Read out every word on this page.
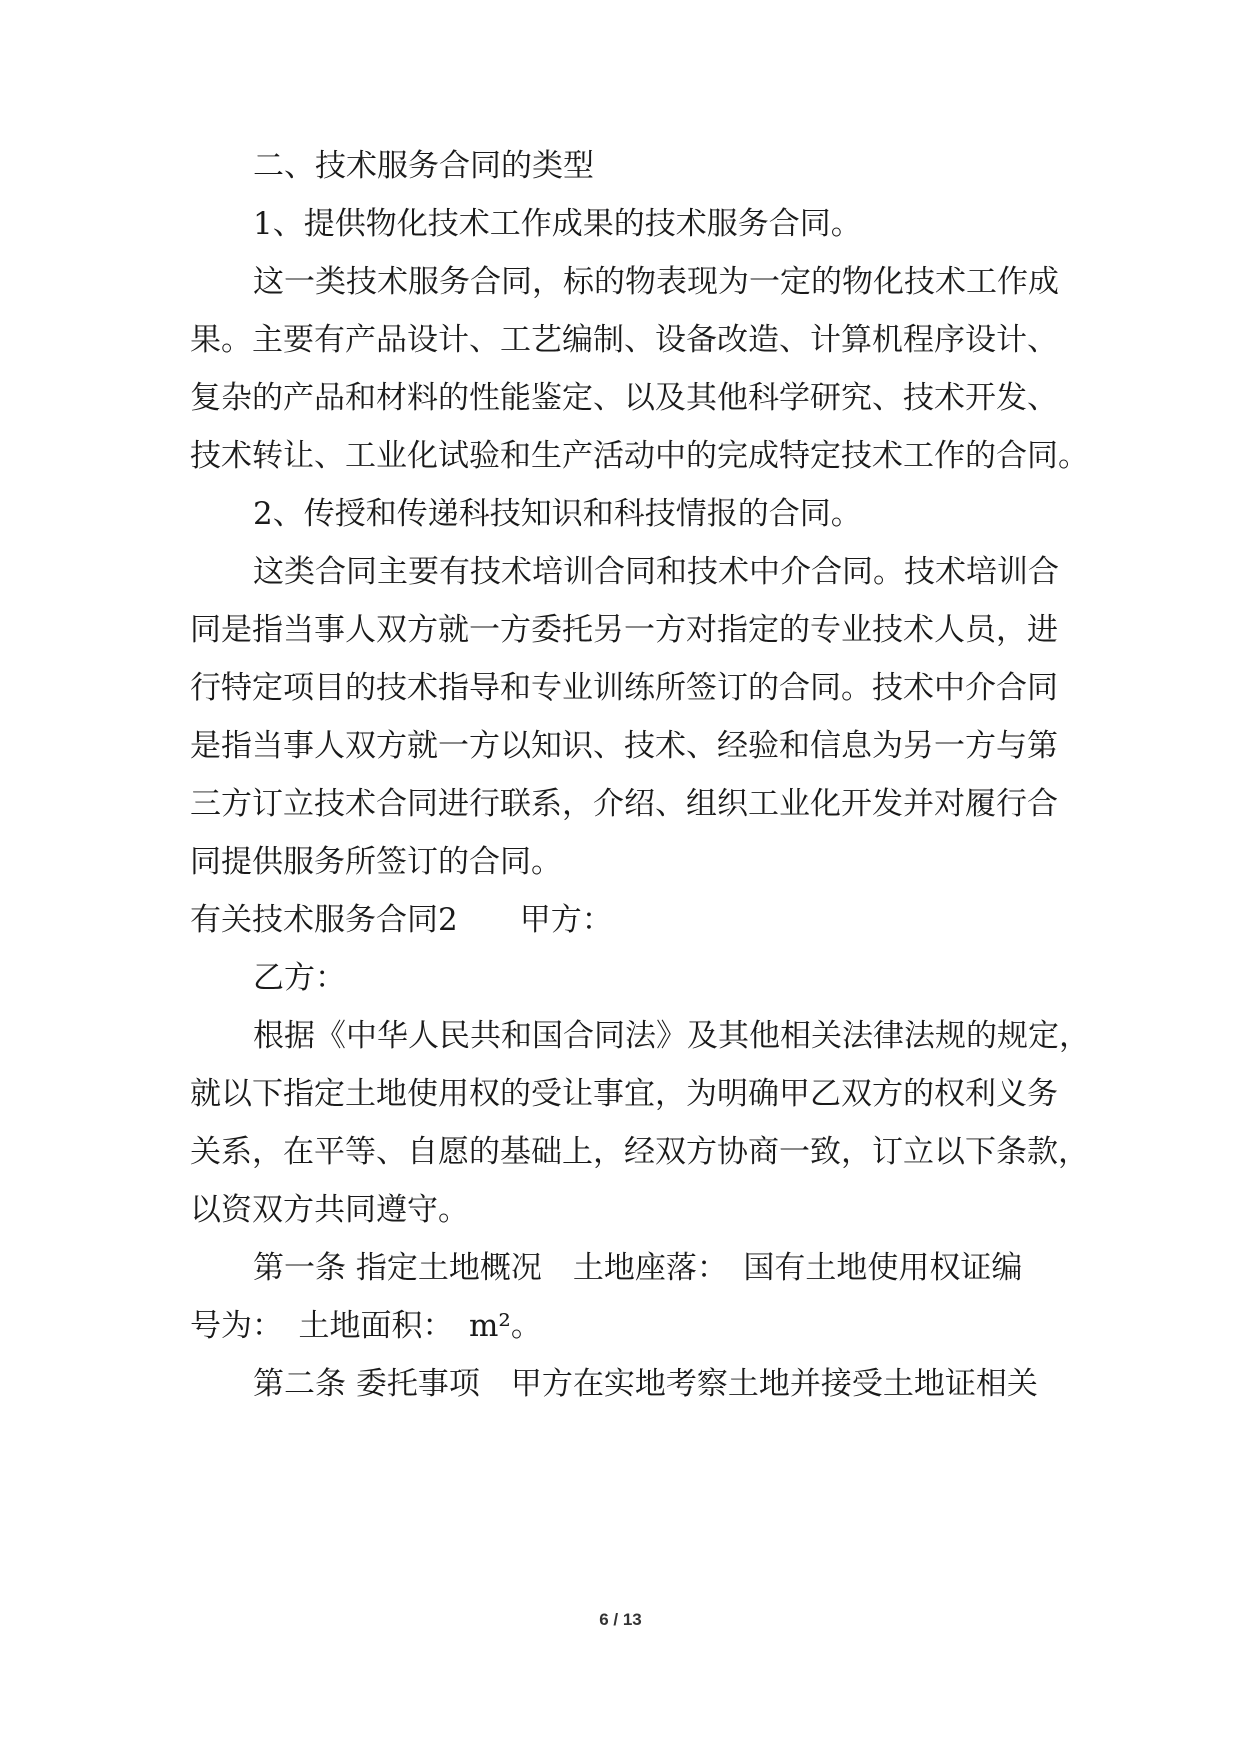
二、技术服务合同的类型
1、提供物化技术工作成果的技术服务合同。
这一类技术服务合同，标的物表现为一定的物化技术工作成
果。主要有产品设计、工艺编制、设备改造、计算机程序设计、
复杂的产品和材料的性能鉴定、以及其他科学研究、技术开发、
技术转让、工业化试验和生产活动中的完成特定技术工作的合同。
2、传授和传递科技知识和科技情报的合同。
这类合同主要有技术培训合同和技术中介合同。技术培训合
同是指当事人双方就一方委托另一方对指定的专业技术人员，进
行特定项目的技术指导和专业训练所签订的合同。技术中介合同
是指当事人双方就一方以知识、技术、经验和信息为另一方与第
三方订立技术合同进行联系，介绍、组织工业化开发并对履行合
同提供服务所签订的合同。
有关技术服务合同2　　甲方：
乙方：
根据《中华人民共和国合同法》及其他相关法律法规的规定，
就以下指定土地使用权的受让事宜，为明确甲乙双方的权利义务
关系，在平等、自愿的基础上，经双方协商一致，订立以下条款，
以资双方共同遵守。
第一条 指定土地概况　土地座落：　国有土地使用权证编
号为：　土地面积：　m²。
第二条 委托事项　甲方在实地考察土地并接受土地证相关
6 / 13
